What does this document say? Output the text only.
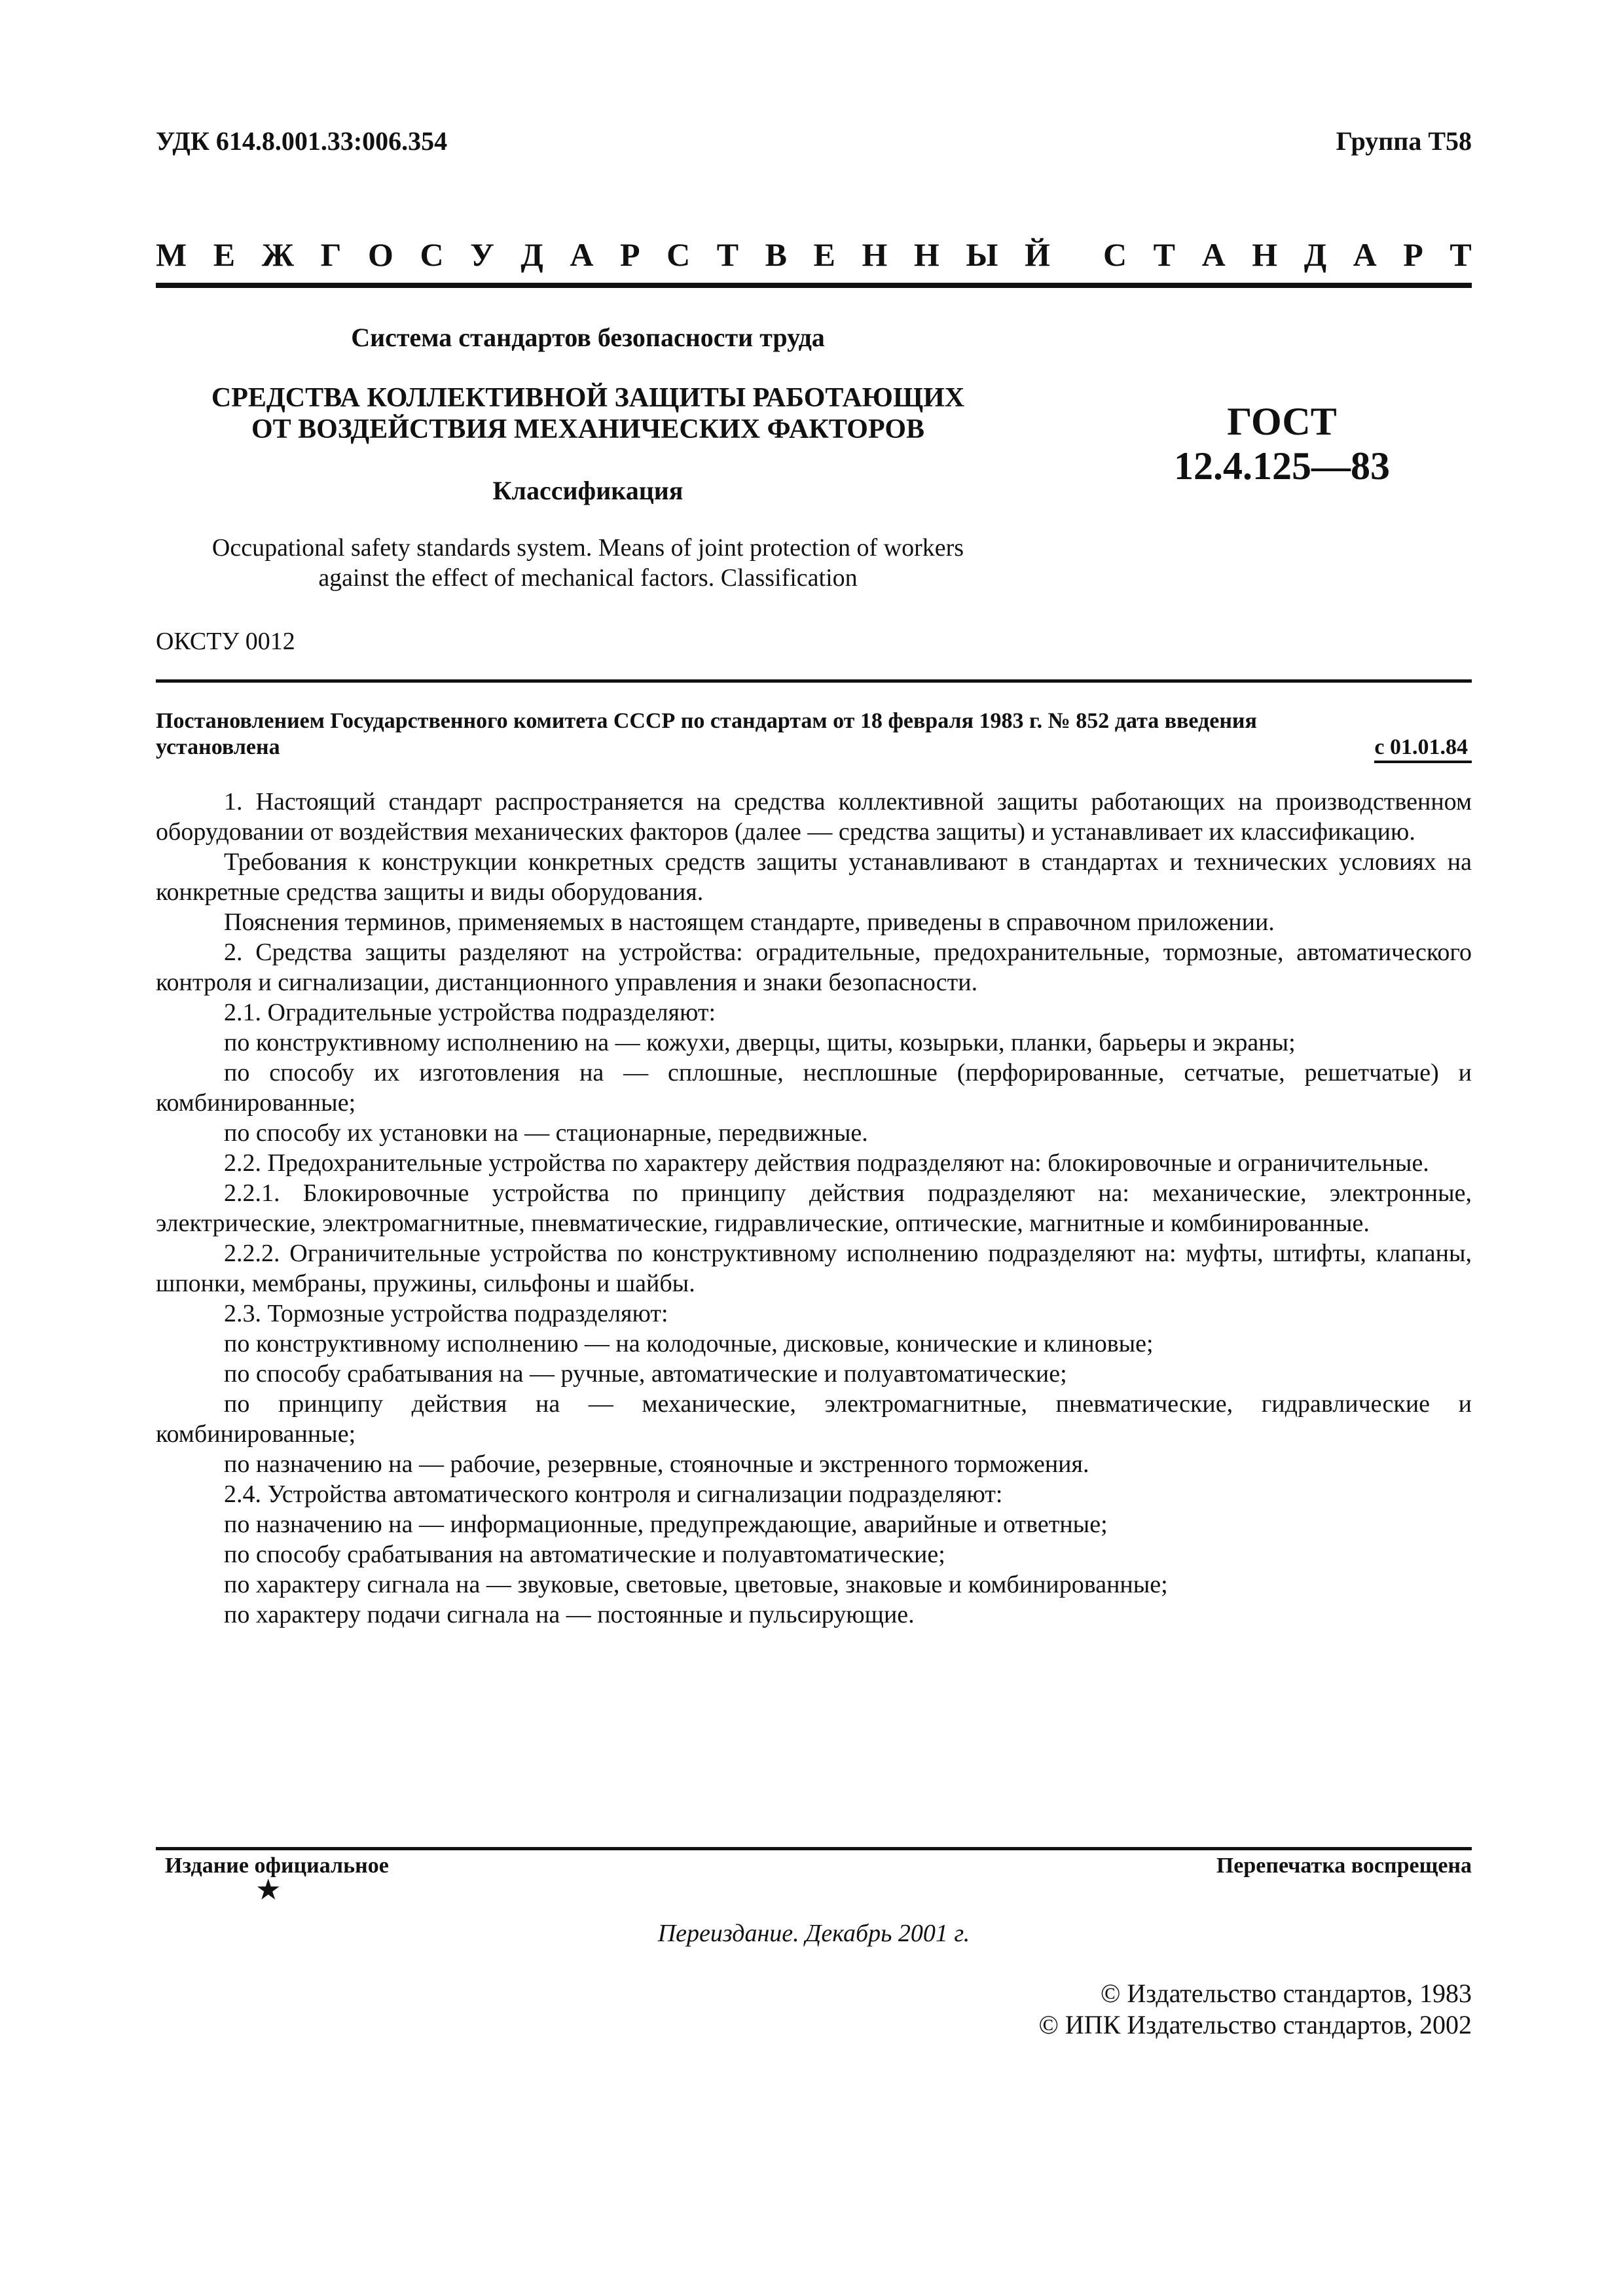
УДК 614.8.001.33:006.354	Группа Т58
М Е Ж Г О С У Д А Р С Т В Е Н Н Ы Й С Т А Н Д А Р Т
Система стандартов безопасности труда
СРЕДСТВА КОЛЛЕКТИВНОЙ ЗАЩИТЫ РАБОТАЮЩИХ
ОТ ВОЗДЕЙСТВИЯ МЕХАНИЧЕСКИХ ФАКТОРОВ
Классификация
ГОСТ
12.4.125—83
Occupational safety standards system. Means of joint protection of workers
against the effect of mechanical factors. Classification
ОКСТУ 0012
Постановлением Государственного комитета СССР по стандартам от 18 февраля 1983 г. № 852 дата введения
установлена	с 01.01.84

1. Настоящий стандарт распространяется на средства коллективной защиты работающих на производственном оборудовании от воздействия механических факторов (далее — средства защиты) и устанавливает их классификацию.

Требования к конструкции конкретных средств защиты устанавливают в стандартах и технических условиях на конкретные средства защиты и виды оборудования.

Пояснения терминов, применяемых в настоящем стандарте, приведены в справочном приложении.

2. Средства защиты разделяют на устройства: оградительные, предохранительные, тормозные, автоматического контроля и сигнализации, дистанционного управления и знаки безопасности.

2.1. Оградительные устройства подразделяют:

по конструктивному исполнению на — кожухи, дверцы, щиты, козырьки, планки, барьеры и экраны;

по способу их изготовления на — сплошные, несплошные (перфорированные, сетчатые, решетчатые) и комбинированные;

по способу их установки на — стационарные, передвижные.

2.2. Предохранительные устройства по характеру действия подразделяют на: блокировочные и ограничительные.

2.2.1. Блокировочные устройства по принципу действия подразделяют на: механические, электронные, электрические, электромагнитные, пневматические, гидравлические, оптические, магнитные и комбинированные.

2.2.2. Ограничительные устройства по конструктивному исполнению подразделяют на: муфты, штифты, клапаны, шпонки, мембраны, пружины, сильфоны и шайбы.

2.3. Тормозные устройства подразделяют:

по конструктивному исполнению — на колодочные, дисковые, конические и клиновые;

по способу срабатывания на — ручные, автоматические и полуавтоматические;

по принципу действия на — механические, электромагнитные, пневматические, гидравлические и комбинированные;

по назначению на — рабочие, резервные, стояночные и экстренного торможения.

2.4. Устройства автоматического контроля и сигнализации подразделяют:

по назначению на — информационные, предупреждающие, аварийные и ответные;

по способу срабатывания на автоматические и полуавтоматические;

по характеру сигнала на — звуковые, световые, цветовые, знаковые и комбинированные;

по характеру подачи сигнала на — постоянные и пульсирующие.

Издание официальное	Перепечатка воспрещена
★
Переиздание. Декабрь 2001 г.
© Издательство стандартов, 1983
© ИПК Издательство стандартов, 2002
